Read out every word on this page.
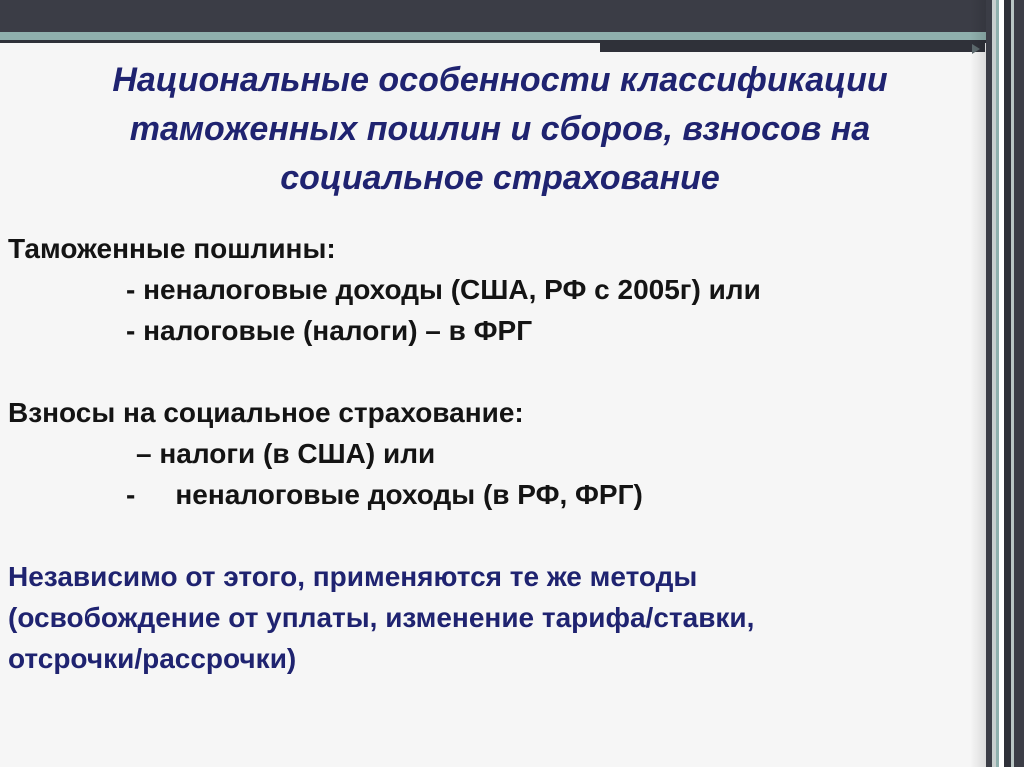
Национальные особенности классификации
таможенных пошлин и сборов, взносов на
социальное страхование
Таможенные пошлины:
- неналоговые доходы (США, РФ с 2005г) или
- налоговые (налоги) – в ФРГ
Взносы на социальное страхование:
– налоги (в США) или
- неналоговые доходы (в РФ, ФРГ)
Независимо от этого, применяются те же методы
(освобождение от уплаты, изменение тарифа/ставки,
отсрочки/рассрочки)
